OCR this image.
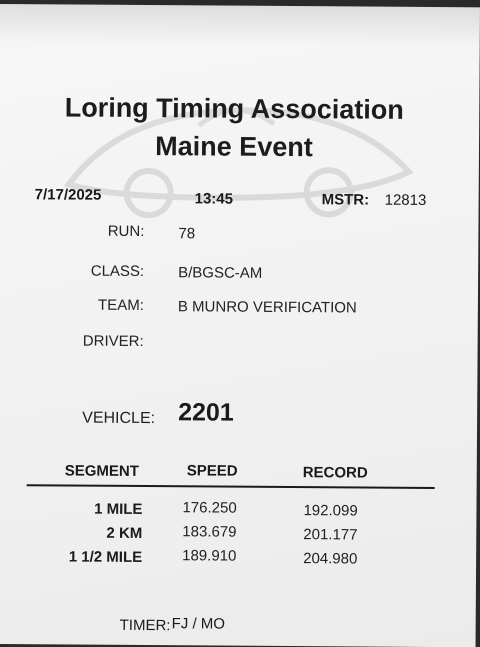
Loring Timing Association
Maine Event
7/17/2025	13:45	MSTR: 12813
RUN: 78
CLASS: B/BGSC-AM
TEAM: B MUNRO VERIFICATION
DRIVER:
VEHICLE: 2201
SEGMENT	SPEED	RECORD
1 MILE	176.250	192.099
2 KM	183.679	201.177
1 1/2 MILE	189.910	204.980
TIMER: FJ / MO
